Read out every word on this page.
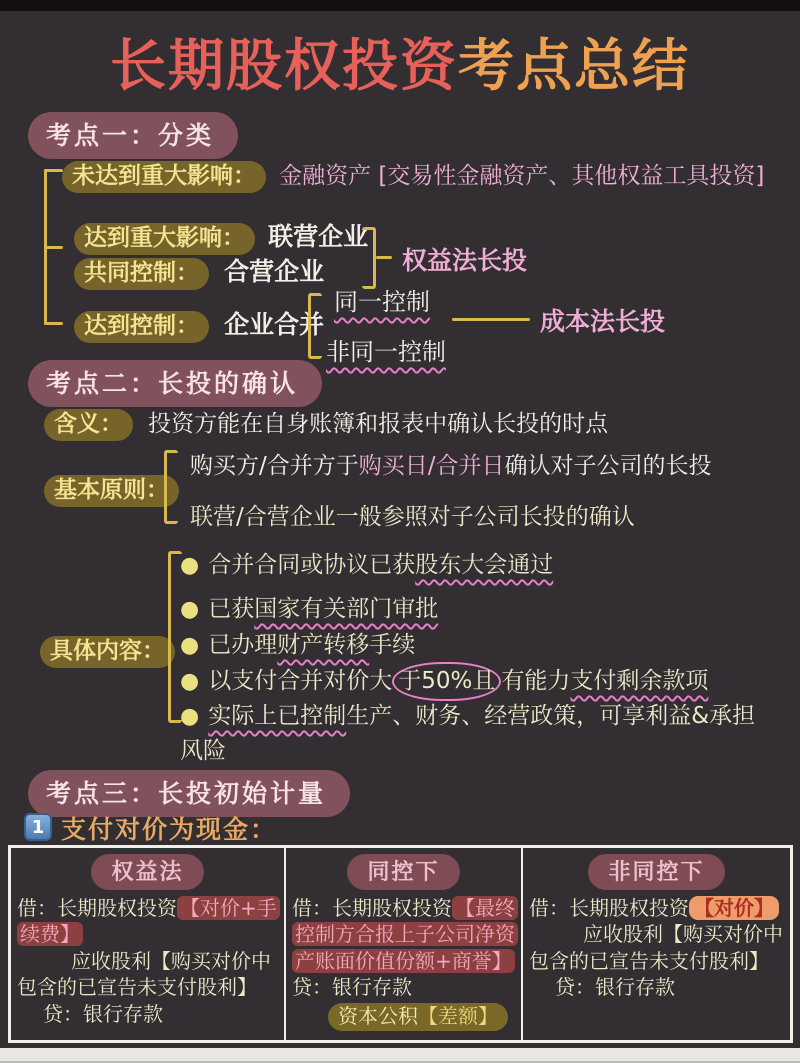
长期股权投资考点总结
考点一：分类
未达到重大影响： 金融资产 [交易性金融资产、其他权益工具投资]
达到重大影响： 联营企业
共同控制： 合营企业	权益法长投
达到控制： 企业合并
同一控制
非同一控制
成本法长投
考点二：长投的确认
含义： 投资方能在自身账簿和报表中确认长投的时点
基本原则：
购买方/合并方于购买日/合并日确认对子公司的长投
联营/合营企业一般参照对子公司长投的确认
具体内容：
● 合并合同或协议已获股东大会通过
● 已获国家有关部门审批
● 已办理财产转移手续
● 以支付合并对价大 于50%且 有能力支付剩余款项
● 实际上已控制生产、财务、经营政策，可享利益&承担风险
考点三：长投初始计量
1 支付对价为现金：
权益法
借：长期股权投资 【对价+手续费】
应收股利【购买对价中包含的已宣告未支付股利】
贷：银行存款
同控下
借：长期股权投资 【最终控制方合报上子公司净资产账面价值份额+商誉】
贷：银行存款
资本公积【差额】
非同控下
借：长期股权投资 【对价】
应收股利【购买对价中包含的已宣告未支付股利】
贷：银行存款
